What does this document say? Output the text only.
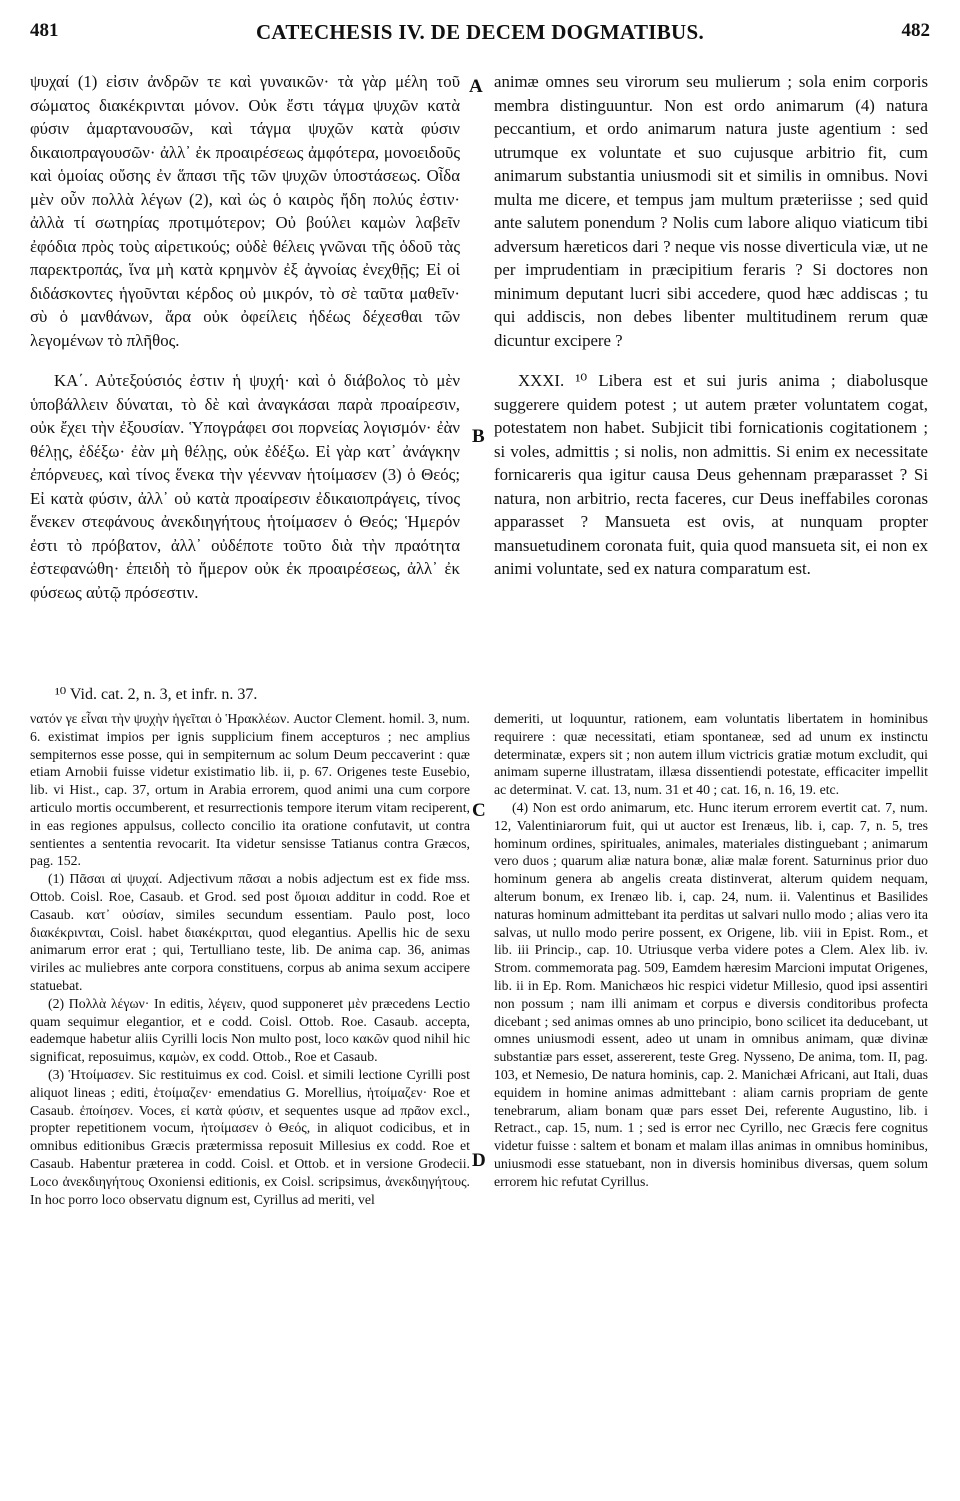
481	CATECHESIS IV. DE DECEM DOGMATIBUS.	482

ψυχαί (1) εἰσιν ἀνδρῶν τε καὶ γυναικῶν· τὰ γὰρ μέλη τοῦ σώματος διακέκρινται μόνον. Οὐκ ἔστι τάγμα ψυχῶν κατὰ φύσιν ἁμαρτανουσῶν, καὶ τάγμα ψυχῶν κατὰ φύσιν δικαιοπραγουσῶν· ἀλλ᾽ ἐκ προαιρέσεως ἀμφότερα, μονοειδοῦς καὶ ὁμοίας οὔσης ἐν ἅπασι τῆς τῶν ψυχῶν ὑποστάσεως. Οἶδα μὲν οὖν πολλὰ λέγων (2), καὶ ὡς ὁ καιρὸς ἤδη πολύς ἐστιν· ἀλλὰ τί σωτηρίας προτιμότερον; Οὐ βούλει καμὼν λαβεῖν ἐφόδια πρὸς τοὺς αἱρετικούς; οὐδὲ θέλεις γνῶναι τῆς ὁδοῦ τὰς παρεκτροπάς, ἵνα μὴ κατὰ κρημνὸν ἐξ ἀγνοίας ἐνεχθῇς; Εἰ οἱ διδάσκοντες ἡγοῦνται κέρδος οὐ μικρόν, τὸ σὲ ταῦτα μαθεῖν· σὺ ὁ μανθάνων, ἄρα οὐκ ὀφείλεις ἡδέως δέχεσθαι τῶν λεγομένων τὸ πλῆθος.

ΚΑ΄. Αὐτεξούσιός ἐστιν ἡ ψυχή· καὶ ὁ διάβολος τὸ μὲν ὑποβάλλειν δύναται, τὸ δὲ καὶ ἀναγκάσαι παρὰ προαίρεσιν, οὐκ ἔχει τὴν ἐξουσίαν. Ὑπογράφει σοι πορνείας λογισμόν· ἐὰν θέλῃς, ἐδέξω· ἐὰν μὴ θέλῃς, οὐκ ἐδέξω. Εἰ γὰρ κατ᾽ ἀνάγκην ἐπόρνευες, καὶ τίνος ἕνεκα τὴν γέενναν ἡτοίμασεν (3) ὁ Θεός; Εἰ κατὰ φύσιν, ἀλλ᾽ οὐ κατὰ προαίρεσιν ἐδικαιοπράγεις, τίνος ἕνεκεν στεφάνους ἀνεκδιηγήτους ἡτοίμασεν ὁ Θεός; Ἡμερόν ἐστι τὸ πρόβατον, ἀλλ᾽ οὐδέποτε τοῦτο διὰ τὴν πραότητα ἐστεφανώθη· ἐπειδὴ τὸ ἥμερον οὐκ ἐκ προαιρέσεως, ἀλλ᾽ ἐκ φύσεως αὐτῷ πρόσεστιν.

animæ omnes seu virorum seu mulierum ; sola enim corporis membra distinguuntur. Non est ordo animarum (4) natura peccantium, et ordo animarum natura juste agentium : sed utrumque ex voluntate et suo cujusque arbitrio fit, cum animarum substantia uniusmodi sit et similis in omnibus. Novi multa me dicere, et tempus jam multum præteriisse ; sed quid ante salutem ponendum ? Nolis cum labore aliquo viaticum tibi adversum hæreticos dari ? neque vis nosse diverticula viæ, ut ne per imprudentiam in præcipitium feraris ? Si doctores non minimum deputant lucri sibi accedere, quod hæc addiscas ; tu qui addiscis, non debes libenter multitudinem rerum quæ dicuntur excipere ?

XXXI. ¹⁰ Libera est et sui juris anima ; diabolusque suggerere quidem potest ; ut autem præter voluntatem cogat, potestatem non habet. Subjicit tibi fornicationis cogitationem ; si voles, admittis ; si nolis, non admittis. Si enim ex necessitate fornicareris qua igitur causa Deus gehennam præparasset ? Si natura, non arbitrio, recta faceres, cur Deus ineffabiles coronas apparasset ? Mansueta est ovis, at nunquam propter mansuetudinem coronata fuit, quia quod mansueta sit, ei non ex animi voluntate, sed ex natura comparatum est.

A
B
C
D
¹⁰ Vid. cat. 2, n. 3, et infr. n. 37.

νατόν γε εἶναι τὴν ψυχὴν ἡγεῖται ὁ Ἡρακλέων. Auctor Clement. homil. 3, num. 6. existimat impios per ignis supplicium finem accepturos ; nec amplius sempiternos esse posse, qui in sempiternum ac solum Deum peccaverint : quæ etiam Arnobii fuisse videtur existimatio lib. ii, p. 67. Origenes teste Eusebio, lib. vi Hist., cap. 37, ortum in Arabia errorem, quod animi una cum corpore articulo mortis occumberent, et resurrectionis tempore iterum vitam reciperent, in eas regiones appulsus, collecto concilio ita oratione confutavit, ut contra sentientes a sententia revocarit. Ita videtur sensisse Tatianus contra Græcos, pag. 152.

(1) Πᾶσαι αἱ ψυχαί. Adjectivum πᾶσαι a nobis adjectum est ex fide mss. Ottob. Coisl. Roe, Casaub. et Grod. sed post ὅμοιαι additur in codd. Roe et Casaub. κατ᾽ οὐσίαν, similes secundum essentiam. Paulo post, loco διακέκρινται, Coisl. habet διακέκριται, quod elegantius. Apellis hic de sexu animarum error erat ; qui, Tertulliano teste, lib. De anima cap. 36, animas viriles ac muliebres ante corpora constituens, corpus ab anima sexum accipere statuebat.

(2) Πολλὰ λέγων· In editis, λέγειν, quod supponeret μὲν præcedens Lectio quam sequimur elegantior, et e codd. Coisl. Ottob. Roe. Casaub. accepta, eademque habetur aliis Cyrilli locis Non multo post, loco κακῶν quod nihil hic significat, reposuimus, καμὼν, ex codd. Ottob., Roe et Casaub.

(3) Ἡτοίμασεν. Sic restituimus ex cod. Coisl. et simili lectione Cyrilli post aliquot lineas ; editi, ἑτοίμαζεν· emendatius G. Morellius, ἡτοίμαζεν· Roe et Casaub. ἐποίησεν. Voces, εἰ κατὰ φύσιν, et sequentes usque ad πρᾶον excl., propter repetitionem vocum, ἡτοίμασεν ὁ Θεός, in aliquot codicibus, et in omnibus editionibus Græcis prætermissa reposuit Millesius ex codd. Roe et Casaub. Habentur præterea in codd. Coisl. et Ottob. et in versione Grodecii. Loco ἀνεκδιηγήτους Oxoniensi editionis, ex Coisl. scripsimus, ἀνεκδιηγήτους. In hoc porro loco observatu dignum est, Cyrillus ad meriti, vel

demeriti, ut loquuntur, rationem, eam voluntatis libertatem in hominibus requirere : quæ necessitati, etiam spontaneæ, sed ad unum ex instinctu determinatæ, expers sit ; non autem illum victricis gratiæ motum excludit, qui animam superne illustratam, illæsa dissentiendi potestate, efficaciter impellit ac determinat. V. cat. 13, num. 31 et 40 ; cat. 16, n. 16, 19. etc.

(4) Non est ordo animarum, etc. Hunc iterum errorem evertit cat. 7, num. 12, Valentiniarorum fuit, qui ut auctor est Irenæus, lib. i, cap. 7, n. 5, tres hominum ordines, spirituales, animales, materiales distinguebant ; animarum vero duos ; quarum aliæ natura bonæ, aliæ malæ forent. Saturninus prior duo hominum genera ab angelis creata distinverat, alterum quidem nequam, alterum bonum, ex Irenæo lib. i, cap. 24, num. ii. Valentinus et Basilides naturas hominum admittebant ita perditas ut salvari nullo modo ; alias vero ita salvas, ut nullo modo perire possent, ex Origene, lib. viii in Epist. Rom., et lib. iii Princip., cap. 10. Utriusque verba videre potes a Clem. Alex lib. iv. Strom. commemorata pag. 509, Eamdem hæresim Marcioni imputat Origenes, lib. ii in Ep. Rom. Manichæos hic respici videtur Millesio, quod ipsi assentiri non possum ; nam illi animam et corpus e diversis conditoribus profecta dicebant ; sed animas omnes ab uno principio, bono scilicet ita deducebant, ut omnes uniusmodi essent, adeo ut unam in omnibus animam, quæ divinæ substantiæ pars esset, assererent, teste Greg. Nysseno, De anima, tom. II, pag. 103, et Nemesio, De natura hominis, cap. 2. Manichæi Africani, aut Itali, duas equidem in homine animas admittebant : aliam carnis propriam de gente tenebrarum, aliam bonam quæ pars esset Dei, referente Augustino, lib. i Retract., cap. 15, num. 1 ; sed is error nec Cyrillo, nec Græcis fere cognitus videtur fuisse : saltem et bonam et malam illas animas in omnibus hominibus, uniusmodi esse statuebant, non in diversis hominibus diversas, quem solum errorem hic refutat Cyrillus.
